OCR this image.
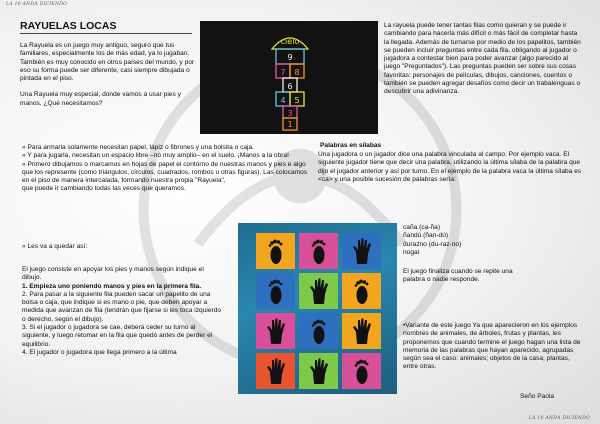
LA 10 ANDA DICIENDO
RAYUELAS LOCAS

La Rayuela es un juego muy antiguo, seguro que tus familiares, especialmente los de más edad, ya lo jugaban. También es muy conocido en otros países del mundo, y por eso su forma puede ser diferente, casi siempre dibujada o pintada en el piso.

Una Rayuela muy especial, donde vamos a usar pies y manos. ¿Qué necesitamos?

cielo
9
7 8
6
4 5
3
1
La rayuela puede tener tantas filas como quieran y se puede ir cambiando para hacerla más difícil o más fácil de completar hasta la llegada. Además de turnarse por medio de los papelitos, también se pueden incluir preguntas entre cada fila, obligando al jugador o jugadora a contestar bien para poder avanzar (algo parecido al juego "Preguntados"). Las preguntas pueden ser sobre sus cosas favoritas: personajes de películas, dibujos, canciones, cuentos o también se pueden agregar desafíos como decir un trabalenguas o descubrir una adivinanza.

» Para armarla solamente necesitan papel, lápiz o fibrones y una bolsita o caja.

» Y para jugarla, necesitan un espacio libre –no muy amplio– en el suelo. ¡Manos a la obra!

» Primero dibujamos o marcamos en hojas de papel el contorno de nuestras manos y pies e algo que los represente (como triángulos, círculos, cuadrados, rombos u otras figuras). Las colocamos en el piso de manera intercalada, formando nuestra propia "Rayuela",

que puede ir cambiando todas las veces que queramos.

» Les va a quedar así:

El juego consiste en apoyar los pies y manos según indique el dibujo.

1. Empieza uno poniendo manos y pies en la primera fila.

2. Para pasar a la siguiente fila pueden sacar un papelito de una bolsa o caja, que indique si es mano o pie, que deben apoyar a medida que avanzan de fila (tendrán que fijarse si les toca izquierdo o derecho, según el dibujo).

3. Si el jugador o jugadora se cae, deberá ceder su turno al siguiente, y luego retomar en la fila que quedó antes de perder el equilibrio.

4. El jugador o jugadora que llega primero a la última

Palabras en sílabas
Una jugadora o un jugador dice una palabra vinculada al campo. Por ejemplo vaca. El siguiente jugador tiene que decir una palabra, utilizando la última sílaba de la palabra que dijo el jugador anterior y así por turno. En el ejemplo de la palabra vaca la última sílaba es <ca> y una posible sucesión de palabras sería:

caña (ca-ña)

ñandú (ñan-dú)

durazno (du-raz-no)

nogal

El juego finaliza cuando se repite una palabra o nadie responde.
•Variante de este juego Ya que aparecieron en los ejemplos nombres de animales, de árboles, frutas y plantas, les proponemos que cuando termine el juego hagan una lista de memoria de las palabras que hayan aparecido, agrupadas según sea el caso: animales; objetos de la casa; plantas, entre otras.
Seño Paola
LA 10 ANDA DICIENDO
